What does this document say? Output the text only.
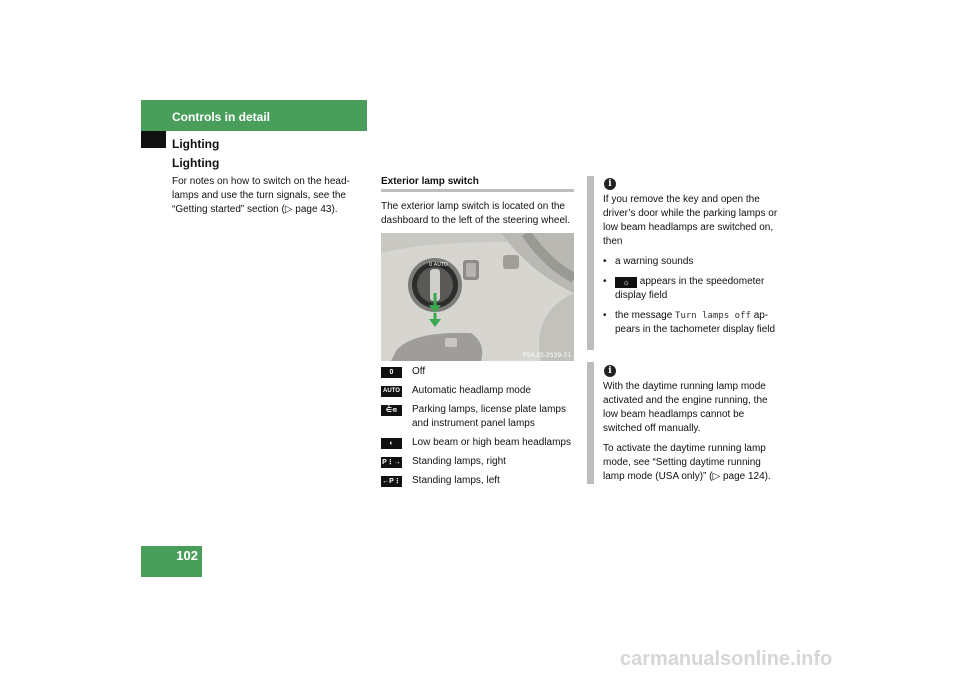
Controls in detail
Lighting
Lighting
For notes on how to switch on the head-lamps and use the turn signals, see the “Getting started” section (▷ page 43).
102
Exterior lamp switch
The exterior lamp switch is located on the dashboard to the left of the steering wheel.
0 AUTO
P54.25-2539-31
0	Off
AUTO Automatic headlamp mode
⋵⋴	Parking lamps, license plate lamps and instrument panel lamps
◐	Low beam or high beam headlamps
P⋮→ Standing lamps, right
←P⋮ Standing lamps, left
i
If you remove the key and open the driver’s door while the parking lamps or low beam headlamps are switched on, then
• a warning sounds
• ☼ appears in the speedometer display field
• the message Turn lamps off ap-pears in the tachometer display field
i
With the daytime running lamp mode activated and the engine running, the low beam headlamps cannot be switched off manually.
To activate the daytime running lamp mode, see “Setting daytime running lamp mode (USA only)” (▷ page 124).
carmanualsonline.info
